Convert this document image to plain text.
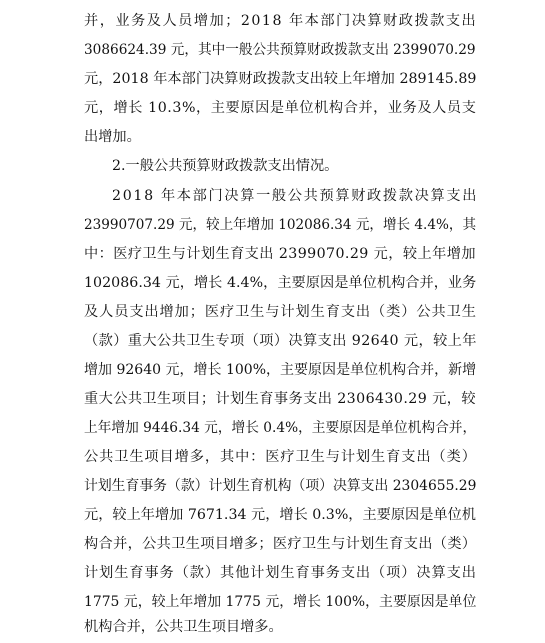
并，业务及人员增加；2018 年本部门决算财政拨款支出
3086624.39 元，其中一般公共预算财政拨款支出 2399070.29
元，2018 年本部门决算财政拨款支出较上年增加 289145.89
元，增长 10.3%，主要原因是单位机构合并，业务及人员支
出增加。
2.一般公共预算财政拨款支出情况。
2018 年本部门决算一般公共预算财政拨款决算支出
23990707.29 元，较上年增加 102086.34 元，增长 4.4%，其
中：医疗卫生与计划生育支出 2399070.29 元，较上年增加
102086.34 元，增长 4.4%，主要原因是单位机构合并，业务
及人员支出增加；医疗卫生与计划生育支出（类）公共卫生
（款）重大公共卫生专项（项）决算支出 92640 元，较上年
增加 92640 元，增长 100%，主要原因是单位机构合并，新增
重大公共卫生项目；计划生育事务支出 2306430.29 元，较
上年增加 9446.34 元，增长 0.4%，主要原因是单位机构合并，
公共卫生项目增多，其中：医疗卫生与计划生育支出（类）
计划生育事务（款）计划生育机构（项）决算支出 2304655.29
元，较上年增加 7671.34 元，增长 0.3%，主要原因是单位机
构合并，公共卫生项目增多；医疗卫生与计划生育支出（类）
计划生育事务（款）其他计划生育事务支出（项）决算支出
1775 元，较上年增加 1775 元，增长 100%，主要原因是单位
机构合并，公共卫生项目增多。
